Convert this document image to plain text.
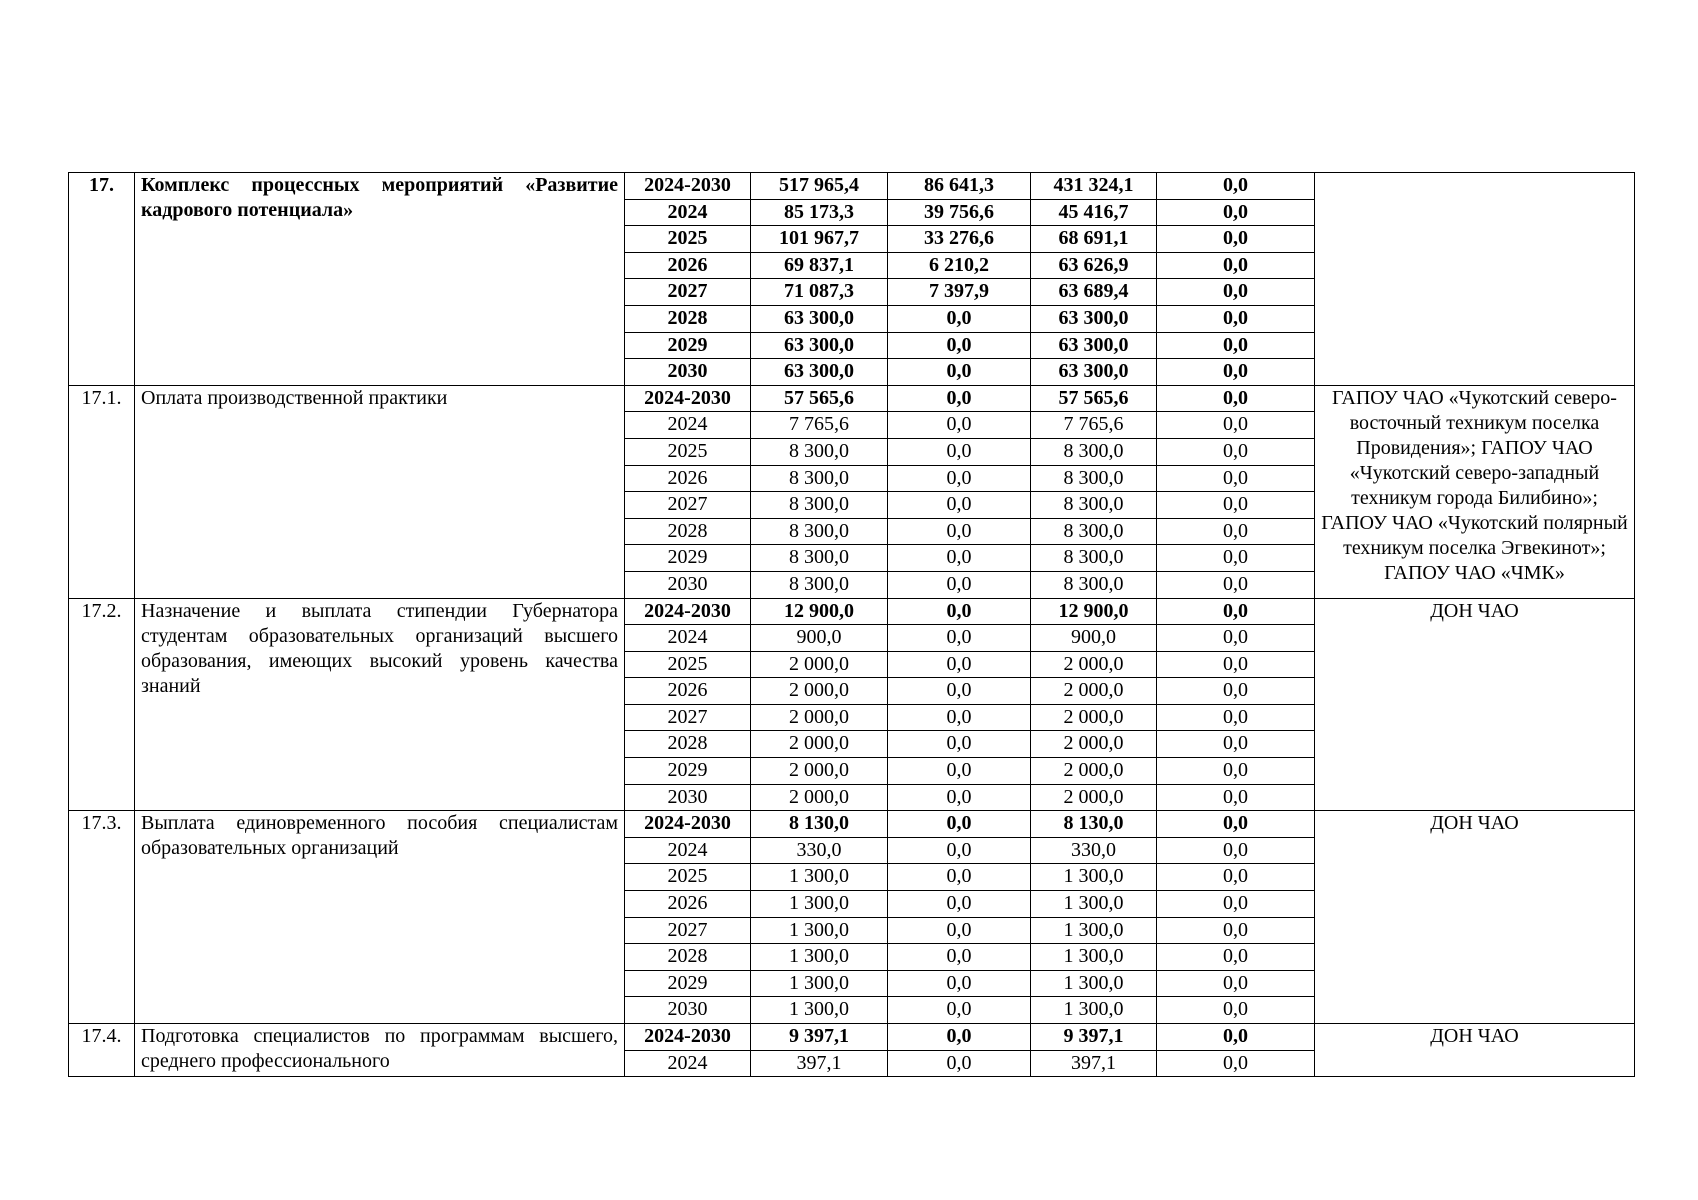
17.	Комплекс процессных мероприятий «Развитие кадрового потенциала»	2024-2030	517 965,4	86 641,3	431 324,1	0,0	
		2024	85 173,3	39 756,6	45 416,7	0,0	
		2025	101 967,7	33 276,6	68 691,1	0,0	
		2026	69 837,1	6 210,2	63 626,9	0,0	
		2027	71 087,3	7 397,9	63 689,4	0,0	
		2028	63 300,0	0,0	63 300,0	0,0	
		2029	63 300,0	0,0	63 300,0	0,0	
		2030	63 300,0	0,0	63 300,0	0,0	
17.1.	Оплата производственной практики	2024-2030	57 565,6	0,0	57 565,6	0,0	ГАПОУ ЧАО «Чукотский северо-восточный техникум поселка Провидения»; ГАПОУ ЧАО «Чукотский северо-западный техникум города Билибино»; ГАПОУ ЧАО «Чукотский полярный техникум поселка Эгвекинот»; ГАПОУ ЧАО «ЧМК»
		2024	7 765,6	0,0	7 765,6	0,0	
		2025	8 300,0	0,0	8 300,0	0,0	
		2026	8 300,0	0,0	8 300,0	0,0	
		2027	8 300,0	0,0	8 300,0	0,0	
		2028	8 300,0	0,0	8 300,0	0,0	
		2029	8 300,0	0,0	8 300,0	0,0	
		2030	8 300,0	0,0	8 300,0	0,0	
17.2.	Назначение и выплата стипендии Губернатора студентам образовательных организаций высшего образования, имеющих высокий уровень качества знаний	2024-2030	12 900,0	0,0	12 900,0	0,0	ДОН ЧАО
		2024	900,0	0,0	900,0	0,0	
		2025	2 000,0	0,0	2 000,0	0,0	
		2026	2 000,0	0,0	2 000,0	0,0	
		2027	2 000,0	0,0	2 000,0	0,0	
		2028	2 000,0	0,0	2 000,0	0,0	
		2029	2 000,0	0,0	2 000,0	0,0	
		2030	2 000,0	0,0	2 000,0	0,0	
17.3.	Выплата единовременного пособия специалистам образовательных организаций	2024-2030	8 130,0	0,0	8 130,0	0,0	ДОН ЧАО
		2024	330,0	0,0	330,0	0,0	
		2025	1 300,0	0,0	1 300,0	0,0	
		2026	1 300,0	0,0	1 300,0	0,0	
		2027	1 300,0	0,0	1 300,0	0,0	
		2028	1 300,0	0,0	1 300,0	0,0	
		2029	1 300,0	0,0	1 300,0	0,0	
		2030	1 300,0	0,0	1 300,0	0,0	
17.4.	Подготовка специалистов по программам высшего, среднего профессионального	2024-2030	9 397,1	0,0	9 397,1	0,0	ДОН ЧАО
		2024	397,1	0,0	397,1	0,0	
